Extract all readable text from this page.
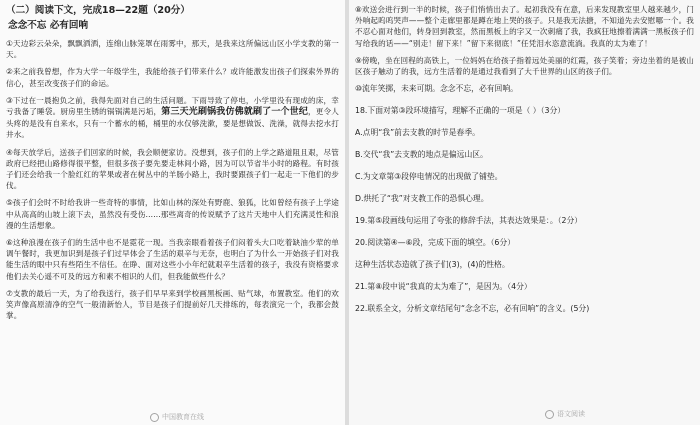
（二）阅读下文，完成18—22题（20分）
念念不忘 必有回响

①天边彩云朵朵，飘飘洒洒，连绵山脉笼罩在雨雾中，那天，是我来这所偏远山区小学支教的第一天。

②来之前我曾想，作为大学一年级学生，我能给孩子们带来什么？或许能激发出孩子们探索外界的信心，甚至改变孩子们的命运。

③下过在一晨抱负之前，我得先面对自己的生活问题。下雨导致了停电，小学里没有现成的床，幸亏我备了睡袋。厨房里生锈的锅锅满是污垢，第三天光刷锅我仿佛就刷了一个世纪，更令人头疼的是没有自来水，只有一个蓄水的桶，桶里的水仅够洗漱，要是想做饭、洗澡，就得去挖水打井水。

④每天放学后，送孩子们回家的时候，我会顺便家访。没想到，孩子们的上学之路道阻且艰，尽管政府已经把山路修得很平整，但很多孩子要先要走林间小路，因为可以节省半小时的路程。有时孩子们还会给我一个脸红红的苹果或者在树丛中的羊肠小路上，我时要跟孩子们一起走一下他们的步伐。

⑤孩子们会时不时给我讲一些奇特的事情，比如山林的深处有野鹿、狼狐，比如曾经有孩子上学途中从高高的山坡上滚下去，虽然没有受伤……那些离奇的传说赋予了这片天地中人们充满灵性和浪漫的生活想象。

⑥这种浪漫在孩子们的生活中也不是霓花一现。当我亲眼看着孩子们闷着头大口吃着缺油少荤的单调午餐时，我更加识到是孩子们过早体会了生活的艰辛与无奈，也明白了为什么一开始孩子们对我能生活的眼中只有些陌生不信任。在睁、面对这些小小年纪就艰辛生活着的孩子，我没有资格要求他们去关心遥不可及的远方和素不相识的人们，但我能做些什么？

⑦支教的最后一天，为了给我送行，孩子们早早来到学校画黑板画、贴气球，布置教室。他们的欢笑声像高原清净的空气一般清新怡人，节目是孩子们提前好几天排练的，每表演完一个，我都会鼓掌。

⑧欢送会进行到一半的时候，孩子们悄悄出去了。起初我没有在意，后来发现教室里人越来越少，门外响起呜呜哭声——整个走廊里都是蹲在地上哭的孩子。只是我无法搪，不知道先去安慰哪一个。我不忍心面对他们，转身回到教室，然而黑板上的字又一次刺痛了我，我疯狂地擦着满满一黑板孩子们写给我的话——“别走！留下来！”留下来彻底！”任凭泪水恣意流淌。我真的太为难了！

⑨傍晚，坐在回程的高铁上，一位妈妈在给孩子指着远处美丽的红霞，孩子笑着；旁边坐着的是被山区孩子触动了的我，远方生活着的是通过我看到了大千世界的山区的孩子们。

⑩流年笑掷，未来可期。念念不忘，必有回响。

18.下面对第③段环境描写，理解不正确的一项是（ ）（3分）

A.点明“我”前去支教的时节是春季。

B.交代“我”去支教的地点是偏远山区。

C.为文章第③段停电情况的出现做了铺垫。

D.烘托了“我”对支教工作的恐惧心理。

19.第⑤段画线句运用了夸张的修辞手法，其表达效果是：。（2分）

20.阅读第④—⑥段，完成下面的填空。（6分）

这种生活状态造就了孩子们(3)，(4)的性格。

21.第⑧段中说“我真的太为难了”，是因为。（4分）

22.联系全文，分析文章结尾句“念念不忘，必有回响”的含义。(5分)

中国教育在线	语文阅读
